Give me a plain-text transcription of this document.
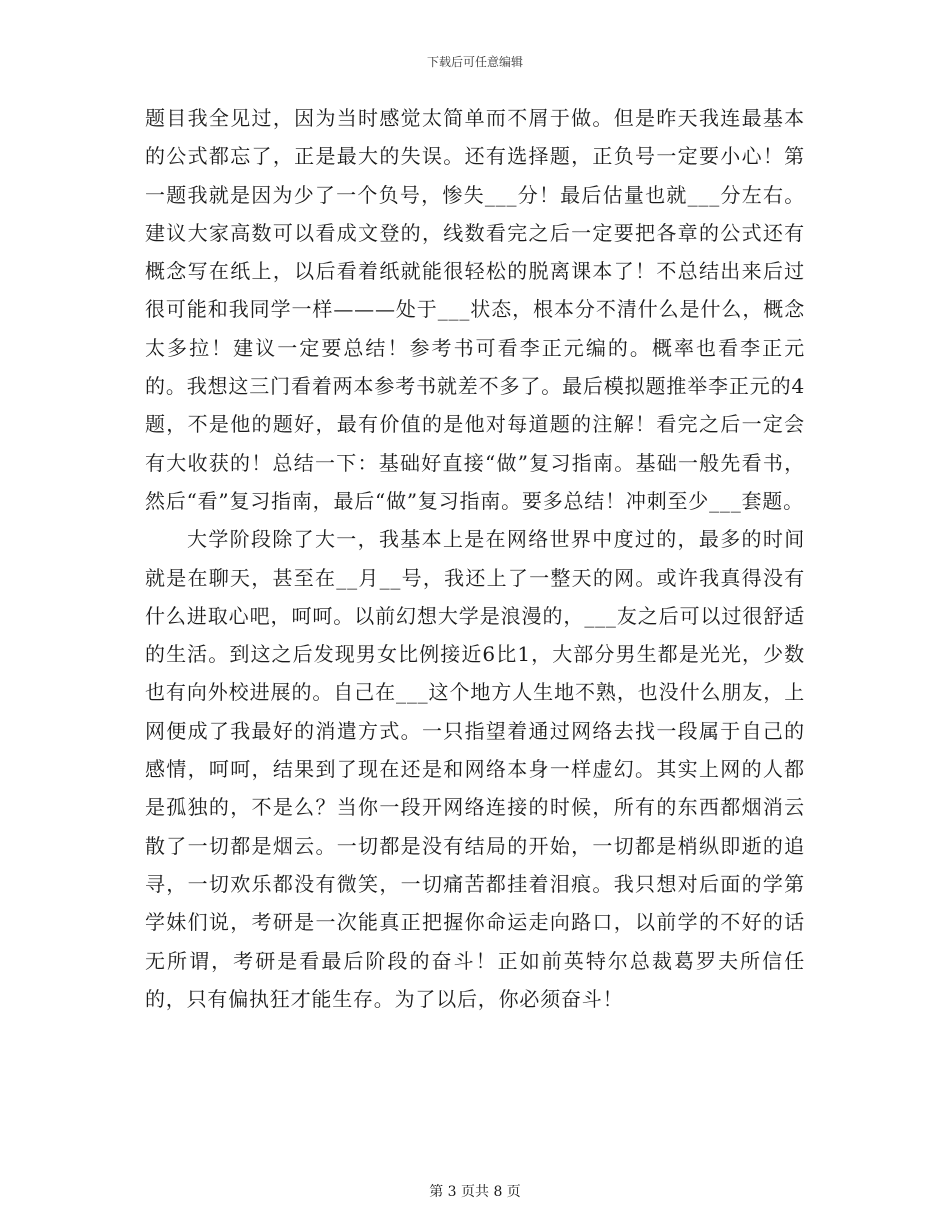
下载后可任意编辑

题目我全见过，因为当时感觉太简单而不屑于做。但是昨天我连最基本的公式都忘了，正是最大的失误。还有选择题，正负号一定要小心！第一题我就是因为少了一个负号，惨失___分！最后估量也就___分左右。建议大家高数可以看成文登的，线数看完之后一定要把各章的公式还有概念写在纸上，以后看着纸就能很轻松的脱离课本了！不总结出来后过很可能和我同学一样———处于___状态，根本分不清什么是什么，概念太多拉！建议一定要总结！参考书可看李正元编的。概率也看李正元的。我想这三门看着两本参考书就差不多了。最后模拟题推举李正元的4题，不是他的题好，最有价值的是他对每道题的注解！看完之后一定会有大收获的！总结一下：基础好直接“做”复习指南。基础一般先看书，然后“看”复习指南，最后“做”复习指南。要多总结！冲刺至少___套题。

大学阶段除了大一，我基本上是在网络世界中度过的，最多的时间就是在聊天，甚至在__月__号，我还上了一整天的网。或许我真得没有什么进取心吧，呵呵。以前幻想大学是浪漫的，___友之后可以过很舒适的生活。到这之后发现男女比例接近6比1，大部分男生都是光光，少数也有向外校进展的。自己在___这个地方人生地不熟，也没什么朋友，上网便成了我最好的消遣方式。一只指望着通过网络去找一段属于自己的感情，呵呵，结果到了现在还是和网络本身一样虚幻。其实上网的人都是孤独的，不是么？当你一段开网络连接的时候，所有的东西都烟消云散了一切都是烟云。一切都是没有结局的开始，一切都是梢纵即逝的追寻，一切欢乐都没有微笑，一切痛苦都挂着泪痕。我只想对后面的学第学妹们说，考研是一次能真正把握你命运走向路口，以前学的不好的话无所谓，考研是看最后阶段的奋斗！正如前英特尔总裁葛罗夫所信任的，只有偏执狂才能生存。为了以后，你必须奋斗！

第 3 页共 8 页
